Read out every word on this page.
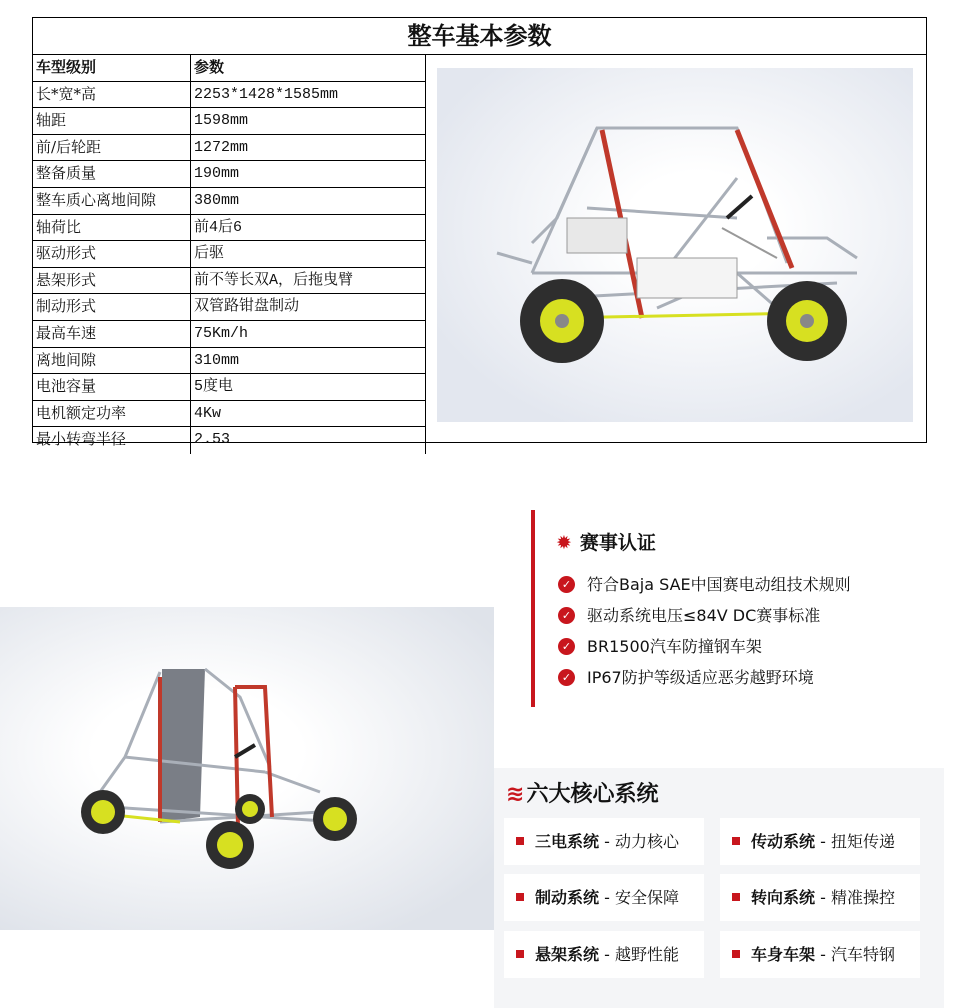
整车基本参数
车型级别	参数
长*宽*高	2253*1428*1585mm
轴距	1598mm
前/后轮距	1272mm
整备质量	190mm
整车质心离地间隙	380mm
轴荷比	前4后6
驱动形式	后驱
悬架形式	前不等长双A，后拖曳臂
制动形式	双管路钳盘制动
最高车速	75Km/h
离地间隙	310mm
电池容量	5度电
电机额定功率	4Kw
最小转弯半径	2.53
✹ 赛事认证
✓ 符合Baja SAE中国赛电动组技术规则
✓ 驱动系统电压≤84V DC赛事标准
✓ BR1500汽车防撞钢车架
✓ IP67防护等级适应恶劣越野环境
≋六大核心系统
三电系统 - 动力核心	传动系统 - 扭矩传递
制动系统 - 安全保障	转向系统 - 精准操控
悬架系统 - 越野性能	车身车架 - 汽车特钢
